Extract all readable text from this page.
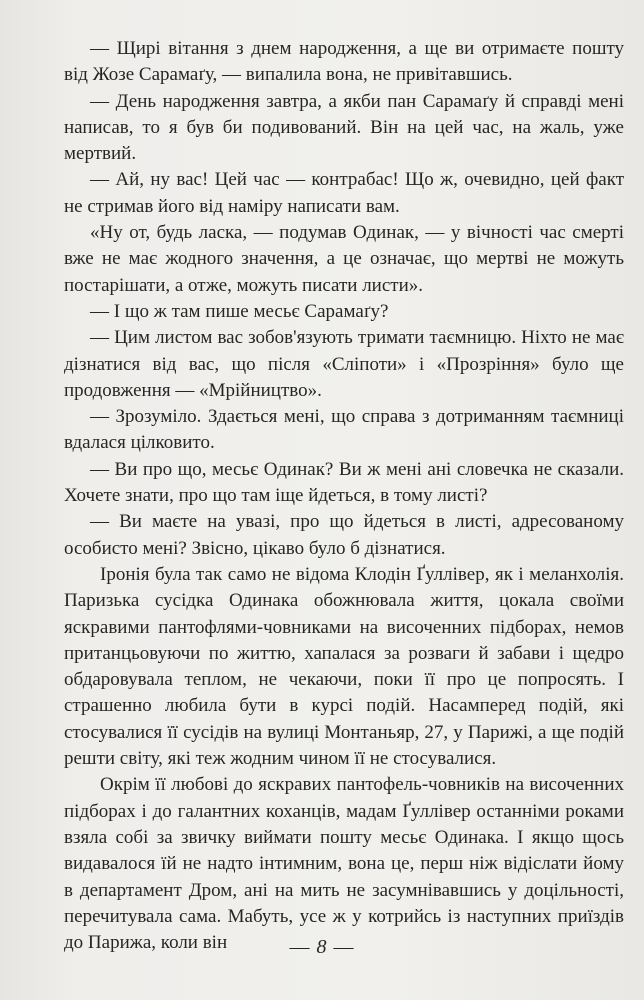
— Щирі вітання з днем народження, а ще ви отримаєте пошту від Жозе Сарамаґу, — випалила вона, не привітавшись.

— День народження завтра, а якби пан Сарамаґу й справді мені написав, то я був би подивований. Він на цей час, на жаль, уже мертвий.

— Ай, ну вас! Цей час — контрабас! Що ж, очевидно, цей факт не стримав його від наміру написати вам.

«Ну от, будь ласка, — подумав Одинак, — у вічності час смерті вже не має жодного значення, а це означає, що мертві не можуть постарішати, а отже, можуть писати листи».

— І що ж там пише месьє Сарамаґу?

— Цим листом вас зобов'язують тримати таємницю. Ніхто не має дізнатися від вас, що після «Сліпоти» і «Прозріння» було ще продовження — «Мрійництво».

— Зрозуміло. Здається мені, що справа з дотриманням таємниці вдалася цілковито.

— Ви про що, месьє Одинак? Ви ж мені ані словечка не сказали. Хочете знати, про що там іще йдеться, в тому листі?

— Ви маєте на увазі, про що йдеться в листі, адресованому особисто мені? Звісно, цікаво було б дізнатися.

Іронія була так само не відома Клодін Ґуллівер, як і меланхолія. Паризька сусідка Одинака обожнювала життя, цокала своїми яскравими пантофлями-човниками на височенних підборах, немов пританцьовуючи по життю, хапалася за розваги й забави і щедро обдаровувала теплом, не чекаючи, поки її про це попросять. І страшенно любила бути в курсі подій. Насамперед подій, які стосувалися її сусідів на вулиці Монтаньяр, 27, у Парижі, а ще подій решти світу, які теж жодним чином її не стосувалися.

Окрім її любові до яскравих пантофель-човників на височенних підборах і до галантних коханців, мадам Ґуллівер останніми роками взяла собі за звичку виймати пошту месьє Одинака. І якщо щось видавалося їй не надто інтимним, вона це, перш ніж відіслати йому в департамент Дром, ані на мить не засумнівавшись у доцільності, перечитувала сама. Мабуть, усе ж у котрийсь із наступних приїздів до Парижа, коли він	— 8 —
